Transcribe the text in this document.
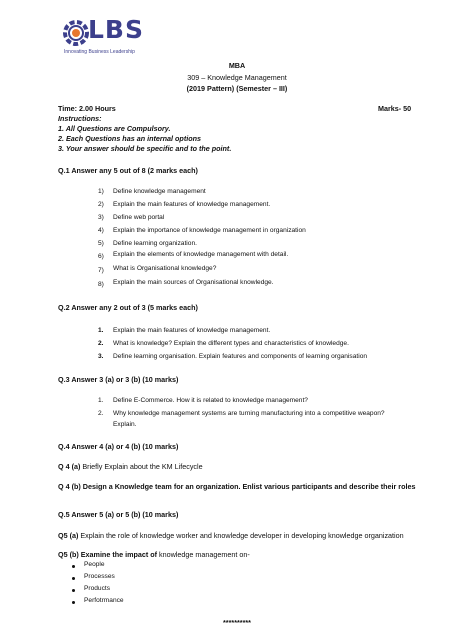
LBS
Innovating Business Leadership
MBA
309 – Knowledge Management
(2019 Pattern) (Semester – III)
Time: 2.00 Hours	Marks- 50
Instructions:
1. All Questions are Compulsory.
2. Each Questions has an internal options
3. Your answer should be specific and to the point.
Q.1 Answer any 5 out of 8 (2 marks each)
1) Define knowledge management
2) Explain the main features of knowledge management.
3) Define web portal
4) Explain the importance of knowledge management in organization
5) Define learning organization.
6) Explain the elements of knowledge management with detail.
7) What is Organisational knowledge?
8) Explain the main sources of Organisational knowledge.
Q.2 Answer any 2 out of 3 (5 marks each)
1. Explain the main features of knowledge management.
2. What is knowledge? Explain the different types and characteristics of knowledge.
3. Define learning organisation. Explain features and components of learning organisation
Q.3 Answer 3 (a) or 3 (b) (10 marks)
1. Define E-Commerce. How it is related to knowledge management?
2. Why knowledge management systems are turning manufacturing into a competitive weapon?
Explain.
Q.4 Answer 4 (a) or 4 (b) (10 marks)
Q 4 (a) Briefly Explain about the KM Lifecycle
Q 4 (b) Design a Knowledge team for an organization. Enlist various participants and describe their roles
Q.5 Answer 5 (a) or 5 (b) (10 marks)
Q5 (a) Explain the role of knowledge worker and knowledge developer in developing knowledge organization
Q5 (b) Examine the impact of knowledge management on-
People
Processes
Products
Perfotrmance
**********
